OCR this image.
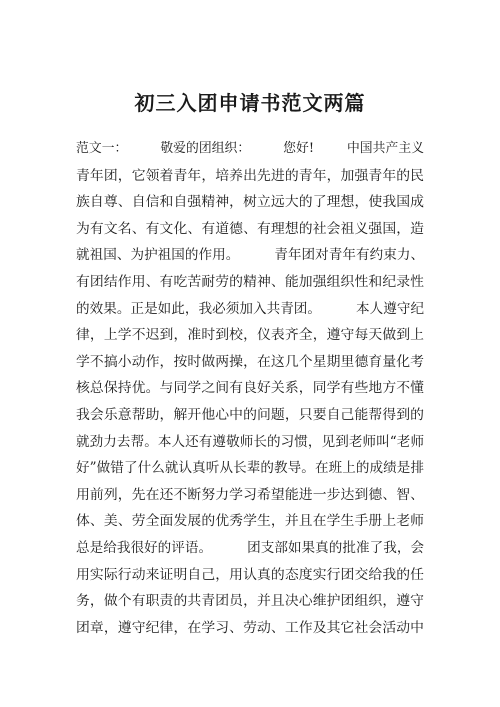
初三入团申请书范文两篇
范文一：        敬爱的团组织：        您好!        中国共产主义
青年团，它领着青年，培养出先进的青年，加强青年的民
族自尊、自信和自强精神，树立远大的了理想，使我国成
为有文名、有文化、有道德、有理想的社会祖义强国，造
就祖国、为护祖国的作用。        青年团对青年有约束力、
有团结作用、有吃苦耐劳的精神、能加强组织性和纪录性
的效果。正是如此，我必须加入共青团。        本人遵守纪
律，上学不迟到，准时到校，仪表齐全，遵守每天做到上
学不搞小动作，按时做两操，在这几个星期里德育量化考
核总保持优。与同学之间有良好关系，同学有些地方不懂
我会乐意帮助，解开他心中的问题，只要自己能帮得到的
就劲力去帮。本人还有遵敬师长的习惯，见到老师叫“老师
好”做错了什么就认真听从长辈的教导。在班上的成绩是排
用前列，先在还不断努力学习希望能进一步达到德、智、
体、美、劳全面发展的优秀学生，并且在学生手册上老师
总是给我很好的评语。        团支部如果真的批准了我，会
用实际行动来证明自己，用认真的态度实行团交给我的任
务，做个有职责的共青团员，并且决心维护团组织，遵守
团章，遵守纪律，在学习、劳动、工作及其它社会活动中
